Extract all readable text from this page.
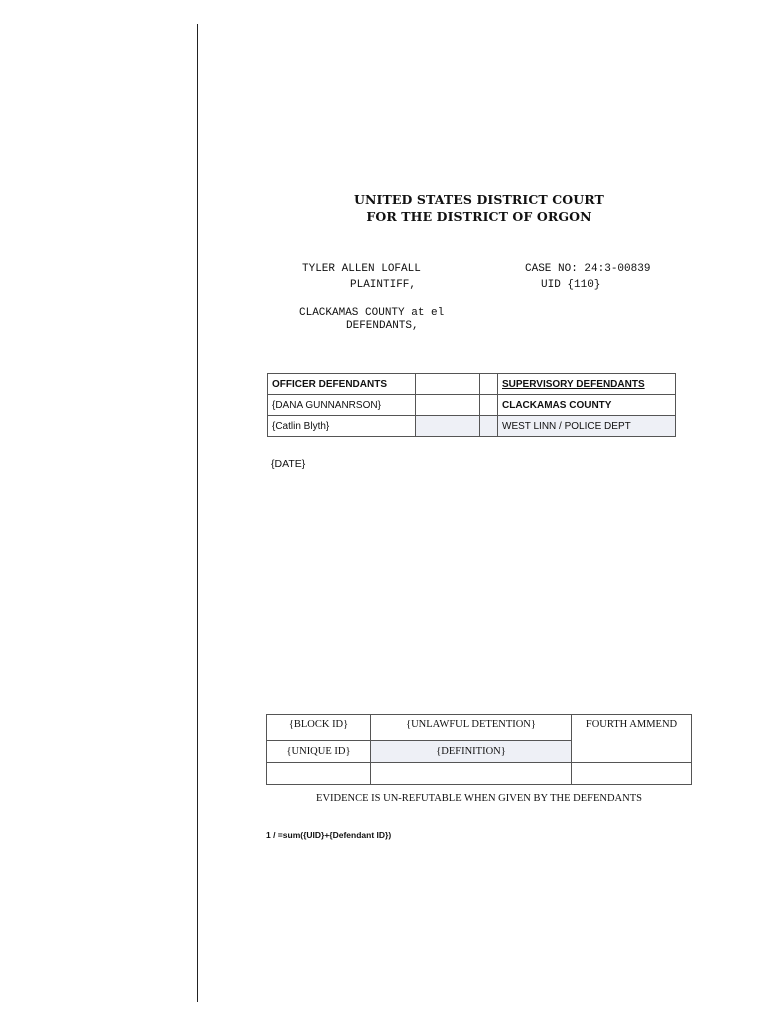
UNITED STATES DISTRICT COURT
FOR THE DISTRICT OF ORGON
TYLER ALLEN LOFALL
PLAINTIFF,
CASE NO: 24:3-00839
UID {110}
CLACKAMAS COUNTY at el
DEFENDANTS,
OFFICER DEFENDANTS			SUPERVISORY DEFENDANTS
{DANA GUNNANRSON}			CLACKAMAS COUNTY
{Catlin Blyth}			WEST LINN / POLICE DEPT
{DATE}
{BLOCK ID}	{UNLAWFUL DETENTION}	FOURTH AMMEND
{UNIQUE ID}	{DEFINITION}	

EVIDENCE IS UN-REFUTABLE WHEN GIVEN BY THE DEFENDANTS
1 / =sum({UID}+{Defendant ID})
